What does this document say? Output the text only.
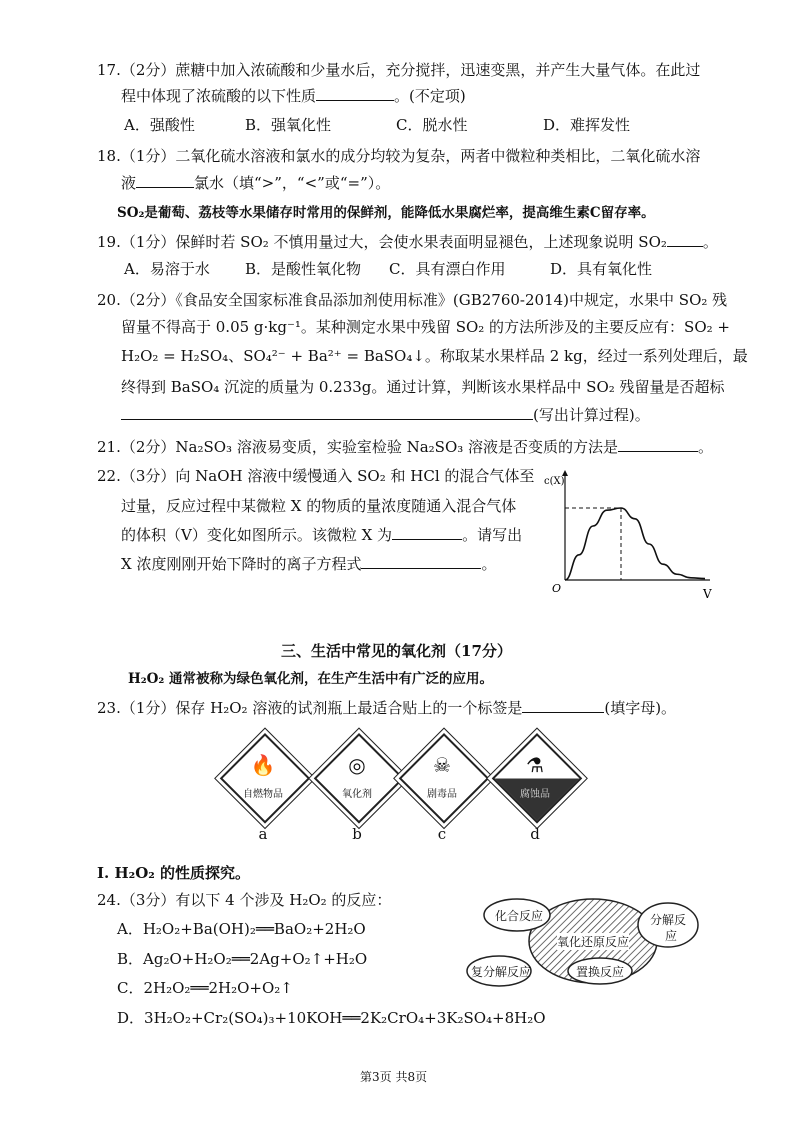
17.（2分）蔗糖中加入浓硫酸和少量水后，充分搅拌，迅速变黑，并产生大量气体。在此过
程中体现了浓硫酸的以下性质	。(不定项)
A．强酸性	B．强氧化性	C．脱水性	D．难挥发性
18.（1分）二氧化硫水溶液和氯水的成分均较为复杂，两者中微粒种类相比，二氧化硫水溶
液	氯水（填“>”，“<”或“=”）。
SO₂是葡萄、荔枝等水果储存时常用的保鲜剂，能降低水果腐烂率，提高维生素C留存率。
19.（1分）保鲜时若 SO₂ 不慎用量过大，会使水果表面明显褪色，上述现象说明 SO₂ 。
A．易溶于水 B．是酸性氧化物 C．具有漂白作用	D．具有氧化性
20.（2分）《食品安全国家标准食品添加剂使用标准》(GB2760-2014)中规定，水果中 SO₂ 残
留量不得高于 0.05 g·kg⁻¹。某种测定水果中残留 SO₂ 的方法所涉及的主要反应有：SO₂ +
H₂O₂ = H₂SO₄、SO₄²⁻ + Ba²⁺ = BaSO₄↓。称取某水果样品 2 kg，经过一系列处理后，最
终得到 BaSO₄ 沉淀的质量为 0.233g。通过计算，判断该水果样品中 SO₂ 残留量是否超标
(写出计算过程)。
21.（2分）Na₂SO₃ 溶液易变质，实验室检验 Na₂SO₃ 溶液是否变质的方法是	。
22.（3分）向 NaOH 溶液中缓慢通入 SO₂ 和 HCl 的混合气体至
过量，反应过程中某微粒 X 的物质的量浓度随通入混合气体
的体积（V）变化如图所示。该微粒 X 为	。请写出
X 浓度刚刚开始下降时的离子方程式	。
c(X)
O	V
三、生活中常见的氧化剂（17分）
H₂O₂ 通常被称为绿色氧化剂，在生产生活中有广泛的应用。
23.（1分）保存 H₂O₂ 溶液的试剂瓶上最适合贴上的一个标签是	(填字母)。
🔥
自燃物品
a
◎
氧化剂
b
☠
剧毒品
c
⚗
腐蚀品
d
I. H₂O₂ 的性质探究。
24.（3分）有以下 4 个涉及 H₂O₂ 的反应：
A．H₂O₂+Ba(OH)₂══BaO₂+2H₂O
B．Ag₂O+H₂O₂══2Ag+O₂↑+H₂O
C．2H₂O₂══2H₂O+O₂↑
D．3H₂O₂+Cr₂(SO₄)₃+10KOH══2K₂CrO₄+3K₂SO₄+8H₂O
化合反应	分解反
应
氧化还原反应
复分解反应	置换反应
第3页 共8页
